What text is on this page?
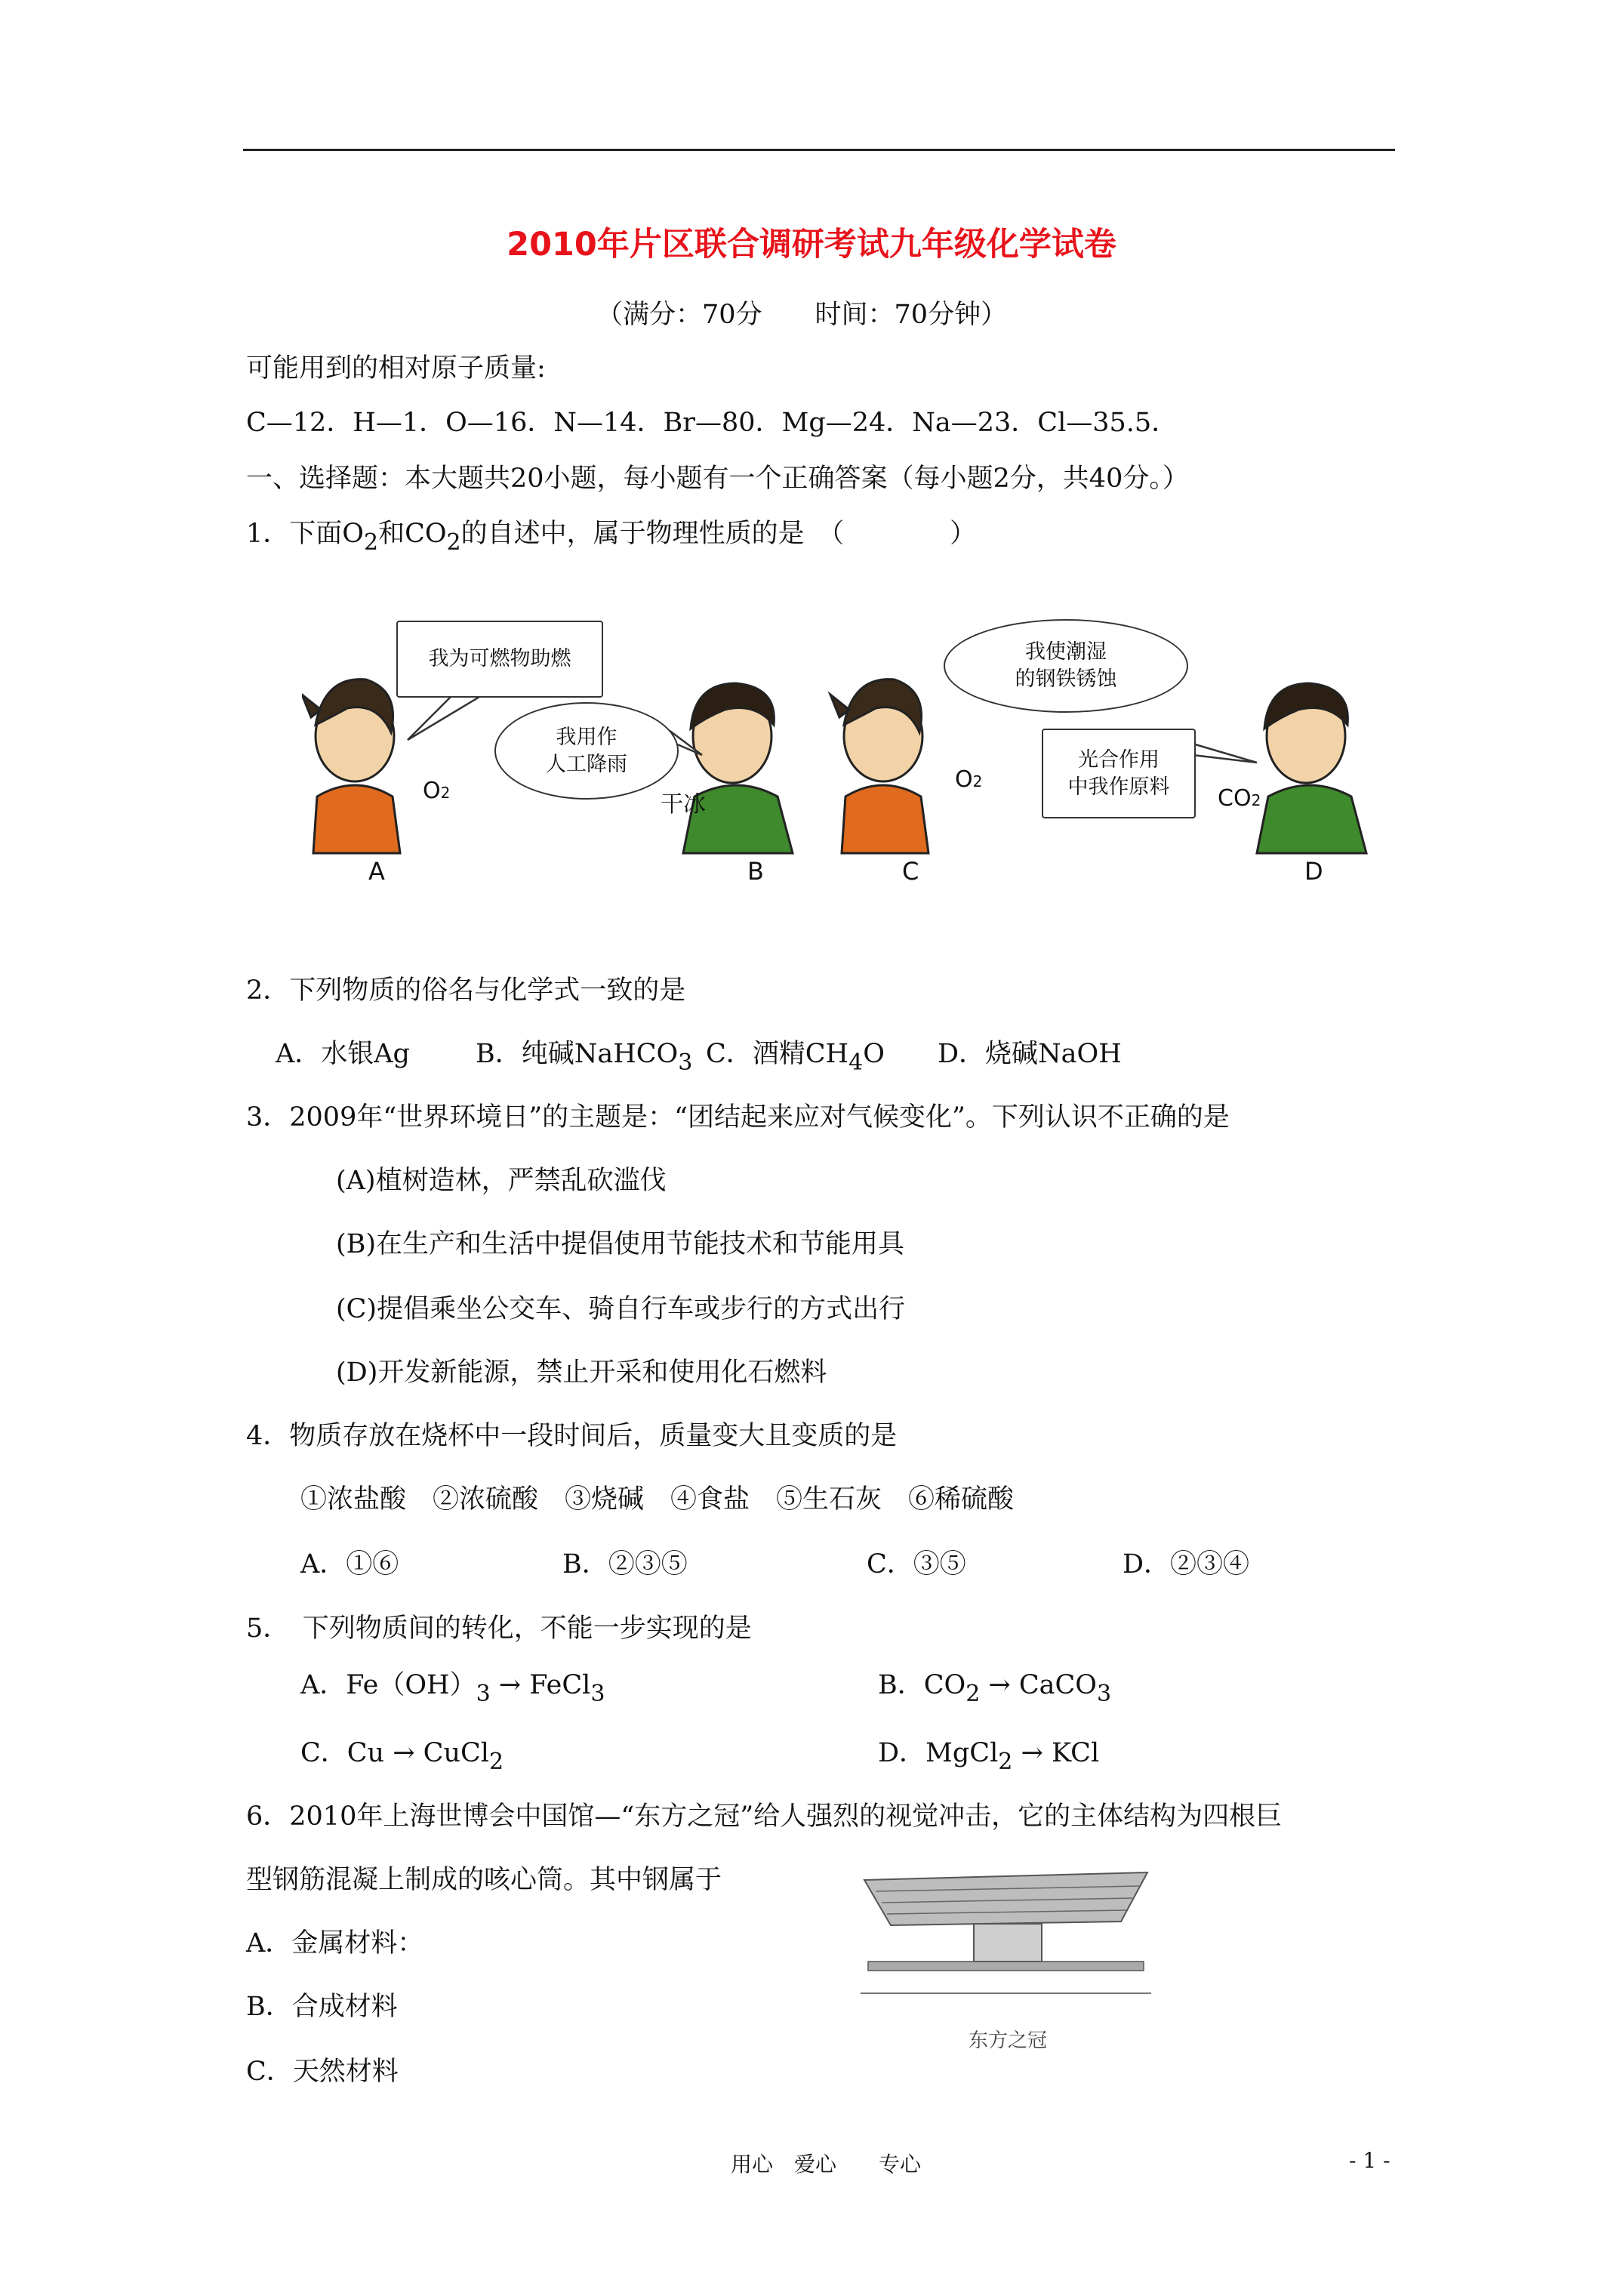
2010年片区联合调研考试九年级化学试卷
（满分：70分　　时间：70分钟）
可能用到的相对原子质量:
C—12．H—1．O—16．N—14．Br—80．Mg—24．Na—23．Cl—35.5．
一、选择题：本大题共20小题，每小题有一个正确答案（每小题2分，共40分。）
1．下面O2和CO2的自述中，属于物理性质的是　（　　　　）
我为可燃物助燃
我用作
人工降雨
我使潮湿
的钢铁锈蚀
光合作用
中我作原料
O2	干冰
O2
CO2
A	B	C	D
2．下列物质的俗名与化学式一致的是
A．水银Ag B．纯碱NaHCO3 C．酒精CH4O D．烧碱NaOH
3．2009年“世界环境日”的主题是：“团结起来应对气候变化”。下列认识不正确的是
(A)植树造林，严禁乱砍滥伐
(B)在生产和生活中提倡使用节能技术和节能用具
(C)提倡乘坐公交车、骑自行车或步行的方式出行
(D)开发新能源，禁止开采和使用化石燃料
4．物质存放在烧杯中一段时间后，质量变大且变质的是
①浓盐酸　②浓硫酸　③烧碱　④食盐　⑤生石灰　⑥稀硫酸
A．①⑥	B．②③⑤	C．③⑤	D．②③④
5．　下列物质间的转化，不能一步实现的是
A．Fe（OH）3 → FeCl3	B．CO2 → CaCO3
C．Cu → CuCl2	D．MgCl2 → KCl
6．2010年上海世博会中国馆—“东方之冠”给人强烈的视觉冲击，它的主体结构为四根巨
型钢筋混凝上制成的咳心筒。其中钢属于
A．金属材料：
B．合成材料
C．天然材料
东方之冠
用心　爱心　　专心	- 1 -
